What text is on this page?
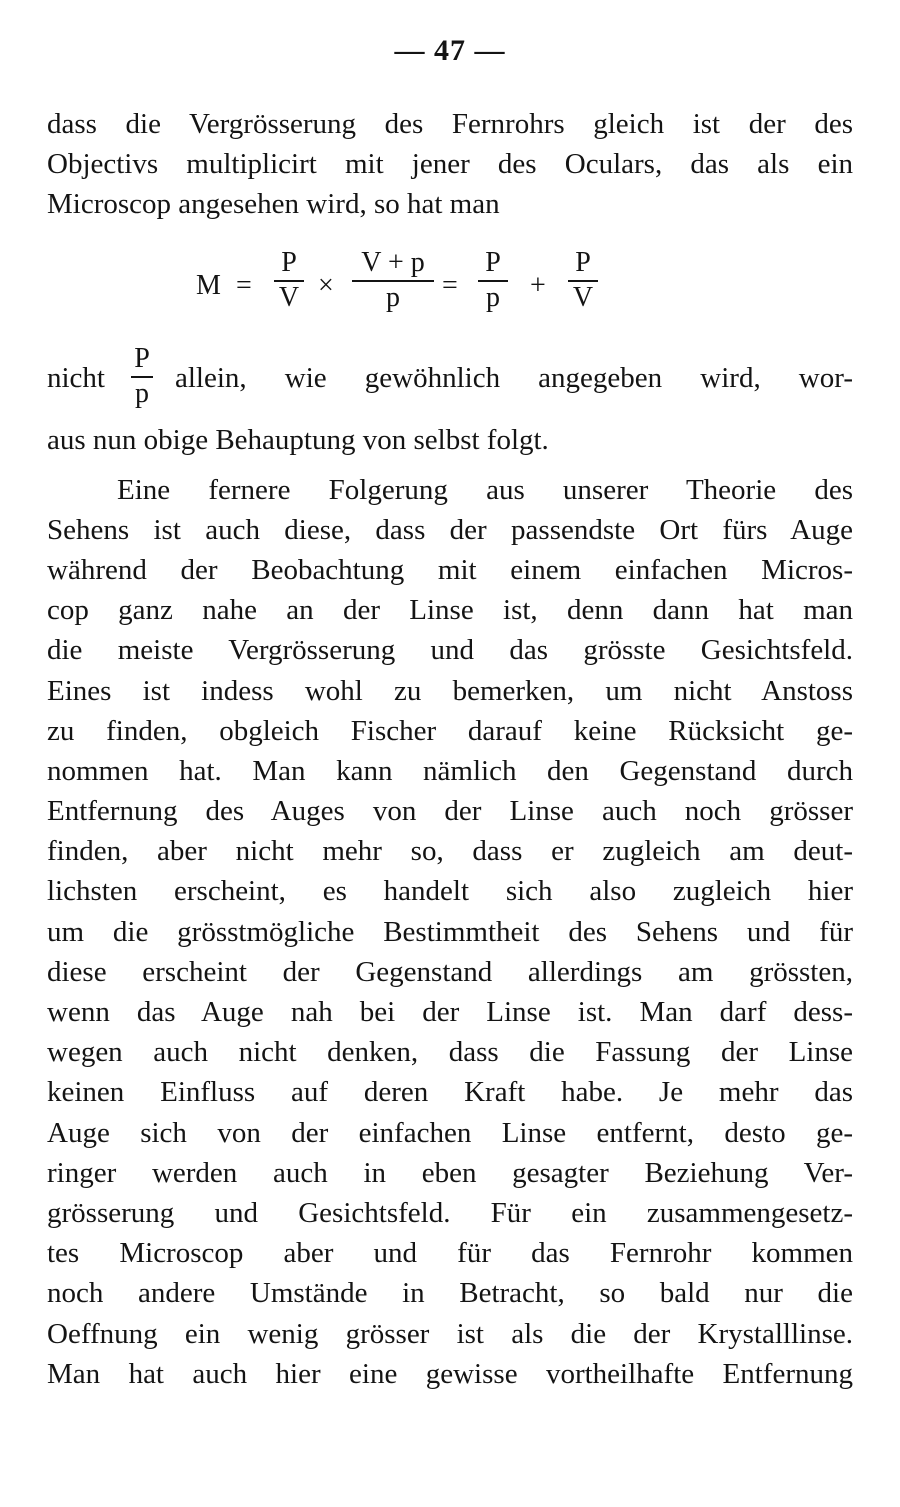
— 47 —
dass die Vergrösserung des Fernrohrs gleich ist der des
Objectivs multiplicirt mit jener des Oculars, das als ein
Microscop angesehen wird, so hat man
M =
P
V ×
V + p
p	=
P
p +
P
V
nicht
P
p allein, wie gewöhnlich angegeben wird, wor-
aus nun obige Behauptung von selbst folgt.
Eine fernere Folgerung aus unserer Theorie des
Sehens ist auch diese, dass der passendste Ort fürs Auge
während der Beobachtung mit einem einfachen Micros-
cop ganz nahe an der Linse ist, denn dann hat man
die meiste Vergrösserung und das grösste Gesichtsfeld.
Eines ist indess wohl zu bemerken, um nicht Anstoss
zu finden, obgleich Fischer darauf keine Rücksicht ge-
nommen hat. Man kann nämlich den Gegenstand durch
Entfernung des Auges von der Linse auch noch grösser
finden, aber nicht mehr so, dass er zugleich am deut-
lichsten erscheint, es handelt sich also zugleich hier
um die grösstmögliche Bestimmtheit des Sehens und für
diese erscheint der Gegenstand allerdings am grössten,
wenn das Auge nah bei der Linse ist. Man darf dess-
wegen auch nicht denken, dass die Fassung der Linse
keinen Einfluss auf deren Kraft habe. Je mehr das
Auge sich von der einfachen Linse entfernt, desto ge-
ringer werden auch in eben gesagter Beziehung Ver-
grösserung und Gesichtsfeld. Für ein zusammengesetz-
tes Microscop aber und für das Fernrohr kommen
noch andere Umstände in Betracht, so bald nur die
Oeffnung ein wenig grösser ist als die der Krystalllinse.
Man hat auch hier eine gewisse vortheilhafte Entfernung
